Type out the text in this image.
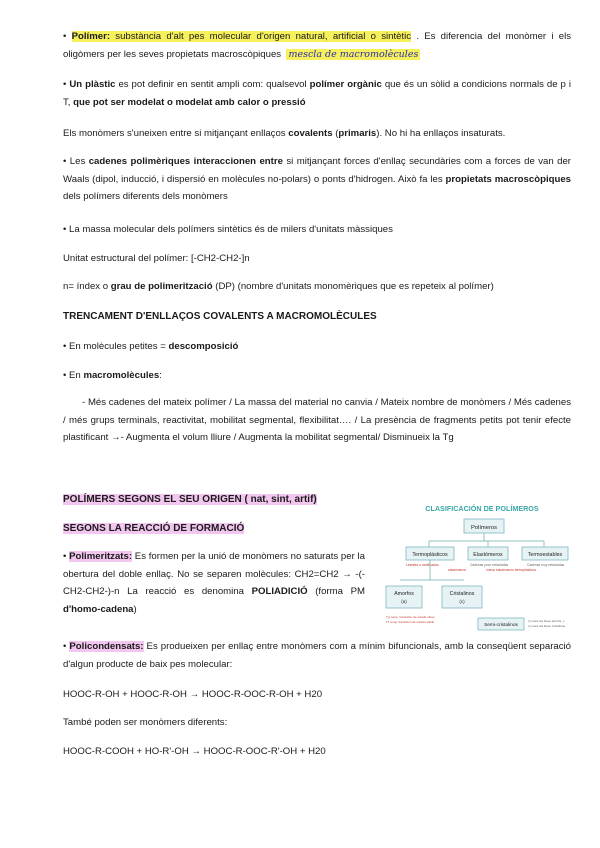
• Polímer: substància d'alt pes molecular d'origen natural, artificial o sintètic . Es diferencia del monòmer i els oligòmers per les seves propietats macroscòpiques mescla de macromolècules

• Un plàstic es pot definir en sentit ampli com: qualsevol polímer orgànic que és un sòlid a condicions normals de p i T, que pot ser modelat o modelat amb calor o pressió

Els monòmers s'uneixen entre si mitjançant enllaços covalents (primaris). No hi ha enllaços insaturats.

• Les cadenes polimèriques interaccionen entre si mitjançant forces d'enllaç secundàries com a forces de van der Waals (dipol, inducció, i dispersió en molècules no-polars) o ponts d'hidrogen. Això fa les propietats macroscòpiques dels polímers diferents dels monòmers

• La massa molecular dels polímers sintètics és de milers d'unitats màssiques

Unitat estructural del polímer: [-CH2-CH2-]n

n= índex o grau de polimerització (DP) (nombre d'unitats monomèriques que es repeteix al polímer)

TRENCAMENT D'ENLLAÇOS COVALENTS A MACROMOLÈCULES

• En molècules petites = descomposició

• En macromolècules:

- Més cadenes del mateix polímer / La massa del material no canvia / Mateix nombre de monòmers / Més cadenes / més grups terminals, reactivitat, mobilitat segmental, flexibilitat…. / La presència de fragments petits pot tenir efecte plastificant →- Augmenta el volum lliure / Augmenta la mobilitat segmental/ Disminueix la Tg

POLÍMERS SEGONS EL SEU ORIGEN ( nat, sint, artif)

SEGONS LA REACCIÓ DE FORMACIÓ

• Polimeritzats: Es formen per la unió de monòmers no saturats per la obertura del doble enllaç. No se separen molècules: CH2=CH2 → -(-CH2-CH2-)-n La reacció es denomina POLIADICIÓ (forma PM d'homo-cadena)

• Policondensats: Es produeixen per enllaç entre monòmers com a mínim bifuncionals, amb la conseqüent separació d'algun producte de baix pes molecular:

HOOC-R-OH + HOOC-R-OH → HOOC-R-OOC-R-OH + H20

També poden ser monòmers diferents:

HOOC-R-COOH + HO-R'-OH → HOOC-R-OOC-R'-OH + H20

CLASIFICACIÓN DE POLÍMEROS
Polímeros
Termoplásticos	Elastómeros	Termoestables
Lineales o ramificados	Cadenas poco reticuladas	Cadenas muy reticuladas
elastomeros	nueva elastómeros termoplásticos
Amorfos
(a)
Cristalinos
(c)
Semi-cristalinos
Tg: temp. transición de estado vítreo
Tf: temp. transición de estado sólido	(c) para las fases amorfa, y
(c) para las fases cristalinas
